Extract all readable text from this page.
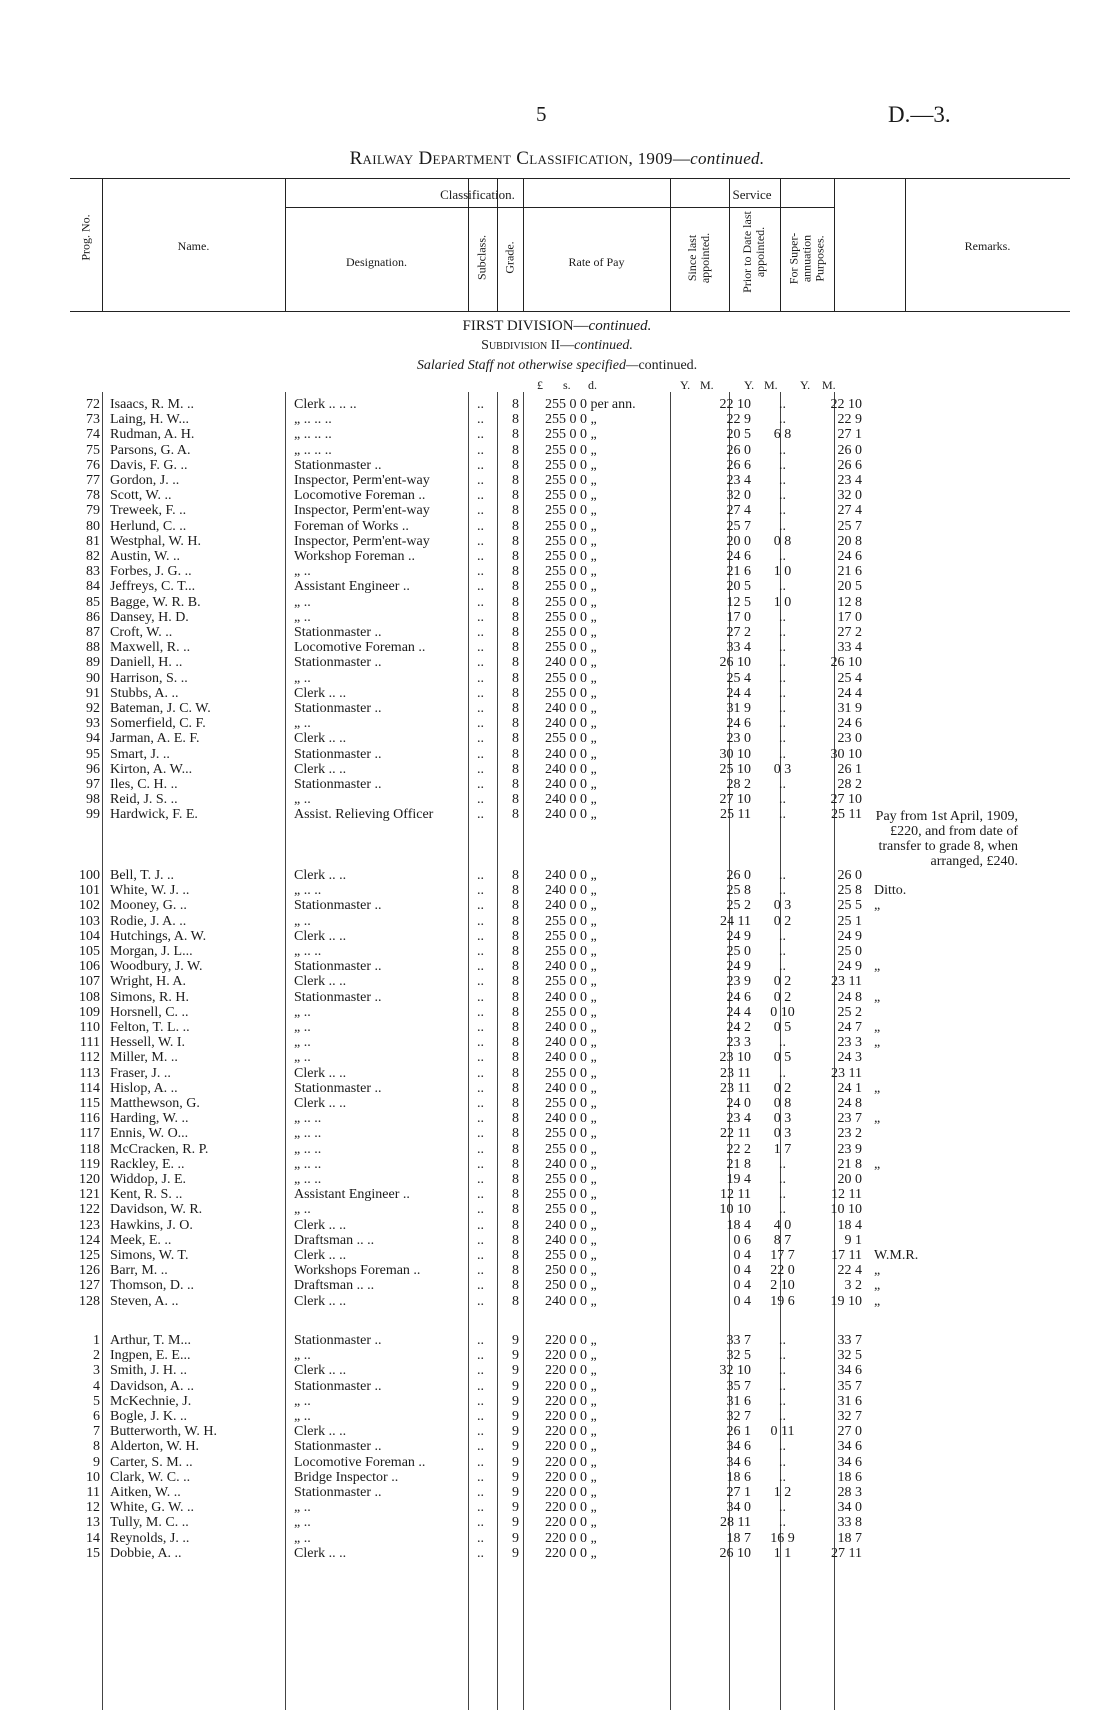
5	D.—3.
Railway Department Classification, 1909—continued.
Classification.	Service
Prog. No.	Name.
Designation.	Subclass. Grade.	Rate of Pay	Since last appointed. Prior to Date last appointed. For Super-annuation Purposes.	Remarks.
FIRST DIVISION—continued.
Subdivision II—continued.
Salaried Staff not otherwise specified—continued.
£ s. d.	Y. M.	Y. M. Y. M.
72	Isaacs, R. M. ..	Clerk .. .. ..	..	8	255 0 0 per ann.	22 10	..	22 10	
73	Laing, H. W...	„ .. .. ..	..	8	255 0 0 „	22 9	..	22 9	
74	Rudman, A. H.	„ .. .. ..	..	8	255 0 0 „	20 5	6 8	27 1	
75	Parsons, G. A.	„ .. .. ..	..	8	255 0 0 „	26 0	..	26 0	
76	Davis, F. G. ..	Stationmaster ..	..	8	255 0 0 „	26 6	..	26 6	
77	Gordon, J. ..	Inspector, Perm'ent-way	..	8	255 0 0 „	23 4	..	23 4	
78	Scott, W. ..	Locomotive Foreman ..	..	8	255 0 0 „	32 0	..	32 0	
79	Treweek, F. ..	Inspector, Perm'ent-way	..	8	255 0 0 „	27 4	..	27 4	
80	Herlund, C. ..	Foreman of Works ..	..	8	255 0 0 „	25 7	..	25 7	
81	Westphal, W. H.	Inspector, Perm'ent-way	..	8	255 0 0 „	20 0	0 8	20 8	
82	Austin, W. ..	Workshop Foreman ..	..	8	255 0 0 „	24 6	..	24 6	
83	Forbes, J. G. ..	„ ..	..	8	255 0 0 „	21 6	1 0	21 6	
84	Jeffreys, C. T...	Assistant Engineer ..	..	8	255 0 0 „	20 5	..	20 5	
85	Bagge, W. R. B.	„ ..	..	8	255 0 0 „	12 5	1 0	12 8	
86	Dansey, H. D.	„ ..	..	8	255 0 0 „	17 0	..	17 0	
87	Croft, W. ..	Stationmaster ..	..	8	255 0 0 „	27 2	..	27 2	
88	Maxwell, R. ..	Locomotive Foreman ..	..	8	255 0 0 „	33 4	..	33 4	
89	Daniell, H. ..	Stationmaster ..	..	8	240 0 0 „	26 10	..	26 10	
90	Harrison, S. ..	„ ..	..	8	255 0 0 „	25 4	..	25 4	
91	Stubbs, A. ..	Clerk .. ..	..	8	255 0 0 „	24 4	..	24 4	
92	Bateman, J. C. W.	Stationmaster ..	..	8	240 0 0 „	31 9	..	31 9	
93	Somerfield, C. F.	„ ..	..	8	240 0 0 „	24 6	..	24 6	
94	Jarman, A. E. F.	Clerk .. ..	..	8	255 0 0 „	23 0	..	23 0	
95	Smart, J. ..	Stationmaster ..	..	8	240 0 0 „	30 10	..	30 10	
96	Kirton, A. W...	Clerk .. ..	..	8	240 0 0 „	25 10	0 3	26 1	
97	Iles, C. H. ..	Stationmaster ..	..	8	240 0 0 „	28 2	..	28 2	
98	Reid, J. S. ..	„ ..	..	8	240 0 0 „	27 10	..	27 10	
99	Hardwick, F. E.	Assist. Relieving Officer	..	8	240 0 0 „	25 11	..	25 11	Pay from 1st April, 1909, £220, and from date of transfer to grade 8, when arranged, £240.
100	Bell, T. J. ..	Clerk .. ..	..	8	240 0 0 „	26 0	..	26 0	
101	White, W. J. ..	„ .. ..	..	8	240 0 0 „	25 8	..	25 8	Ditto.
102	Mooney, G. ..	Stationmaster ..	..	8	240 0 0 „	25 2	0 3	25 5	„
103	Rodie, J. A. ..	„ ..	..	8	255 0 0 „	24 11	0 2	25 1	
104	Hutchings, A. W.	Clerk .. ..	..	8	255 0 0 „	24 9	..	24 9	
105	Morgan, J. L...	„ .. ..	..	8	255 0 0 „	25 0	..	25 0	
106	Woodbury, J. W.	Stationmaster ..	..	8	240 0 0 „	24 9	..	24 9	„
107	Wright, H. A.	Clerk .. ..	..	8	255 0 0 „	23 9	0 2	23 11	
108	Simons, R. H.	Stationmaster ..	..	8	240 0 0 „	24 6	0 2	24 8	„
109	Horsnell, C. ..	„ ..	..	8	255 0 0 „	24 4	0 10	25 2	
110	Felton, T. L. ..	„ ..	..	8	240 0 0 „	24 2	0 5	24 7	„
111	Hessell, W. I.	„ ..	..	8	240 0 0 „	23 3	..	23 3	„
112	Miller, M. ..	„ ..	..	8	240 0 0 „	23 10	0 5	24 3	
113	Fraser, J. ..	Clerk .. ..	..	8	255 0 0 „	23 11	..	23 11	
114	Hislop, A. ..	Stationmaster ..	..	8	240 0 0 „	23 11	0 2	24 1	„
115	Matthewson, G.	Clerk .. ..	..	8	255 0 0 „	24 0	0 8	24 8	
116	Harding, W. ..	„ .. ..	..	8	240 0 0 „	23 4	0 3	23 7	„
117	Ennis, W. O...	„ .. ..	..	8	255 0 0 „	22 11	0 3	23 2	
118	McCracken, R. P.	„ .. ..	..	8	255 0 0 „	22 2	1 7	23 9	
119	Rackley, E. ..	„ .. ..	..	8	240 0 0 „	21 8	..	21 8	„
120	Widdop, J. E.	„ .. ..	..	8	255 0 0 „	19 4	..	20 0	
121	Kent, R. S. ..	Assistant Engineer ..	..	8	255 0 0 „	12 11	..	12 11	
122	Davidson, W. R.	„ ..	..	8	255 0 0 „	10 10	..	10 10	
123	Hawkins, J. O.	Clerk .. ..	..	8	240 0 0 „	18 4	4 0	18 4	
124	Meek, E. ..	Draftsman .. ..	..	8	240 0 0 „	0 6	8 7	9 1	
125	Simons, W. T.	Clerk .. ..	..	8	255 0 0 „	0 4	17 7	17 11	W.M.R.
126	Barr, M. ..	Workshops Foreman ..	..	8	250 0 0 „	0 4	22 0	22 4	„
127	Thomson, D. ..	Draftsman .. ..	..	8	250 0 0 „	0 4	2 10	3 2	„
128	Steven, A. ..	Clerk .. ..	..	8	240 0 0 „	0 4	19 6	19 10	„
1	Arthur, T. M...	Stationmaster ..	..	9	220 0 0 „	33 7	..	33 7	
2	Ingpen, E. E...	„ ..	..	9	220 0 0 „	32 5	..	32 5	
3	Smith, J. H. ..	Clerk .. ..	..	9	220 0 0 „	32 10	..	34 6	
4	Davidson, A. ..	Stationmaster ..	..	9	220 0 0 „	35 7	..	35 7	
5	McKechnie, J.	„ ..	..	9	220 0 0 „	31 6	..	31 6	
6	Bogle, J. K. ..	„ ..	..	9	220 0 0 „	32 7	..	32 7	
7	Butterworth, W. H.	Clerk .. ..	..	9	220 0 0 „	26 1	0 11	27 0	
8	Alderton, W. H.	Stationmaster ..	..	9	220 0 0 „	34 6	..	34 6	
9	Carter, S. M. ..	Locomotive Foreman ..	..	9	220 0 0 „	34 6	..	34 6	
10	Clark, W. C. ..	Bridge Inspector ..	..	9	220 0 0 „	18 6	..	18 6	
11	Aitken, W. ..	Stationmaster ..	..	9	220 0 0 „	27 1	1 2	28 3	
12	White, G. W. ..	„ ..	..	9	220 0 0 „	34 0	..	34 0	
13	Tully, M. C. ..	„ ..	..	9	220 0 0 „	28 11	..	33 8	
14	Reynolds, J. ..	„ ..	..	9	220 0 0 „	18 7	16 9	18 7	
15	Dobbie, A. ..	Clerk .. ..	..	9	220 0 0 „	26 10	1 1	27 11	
